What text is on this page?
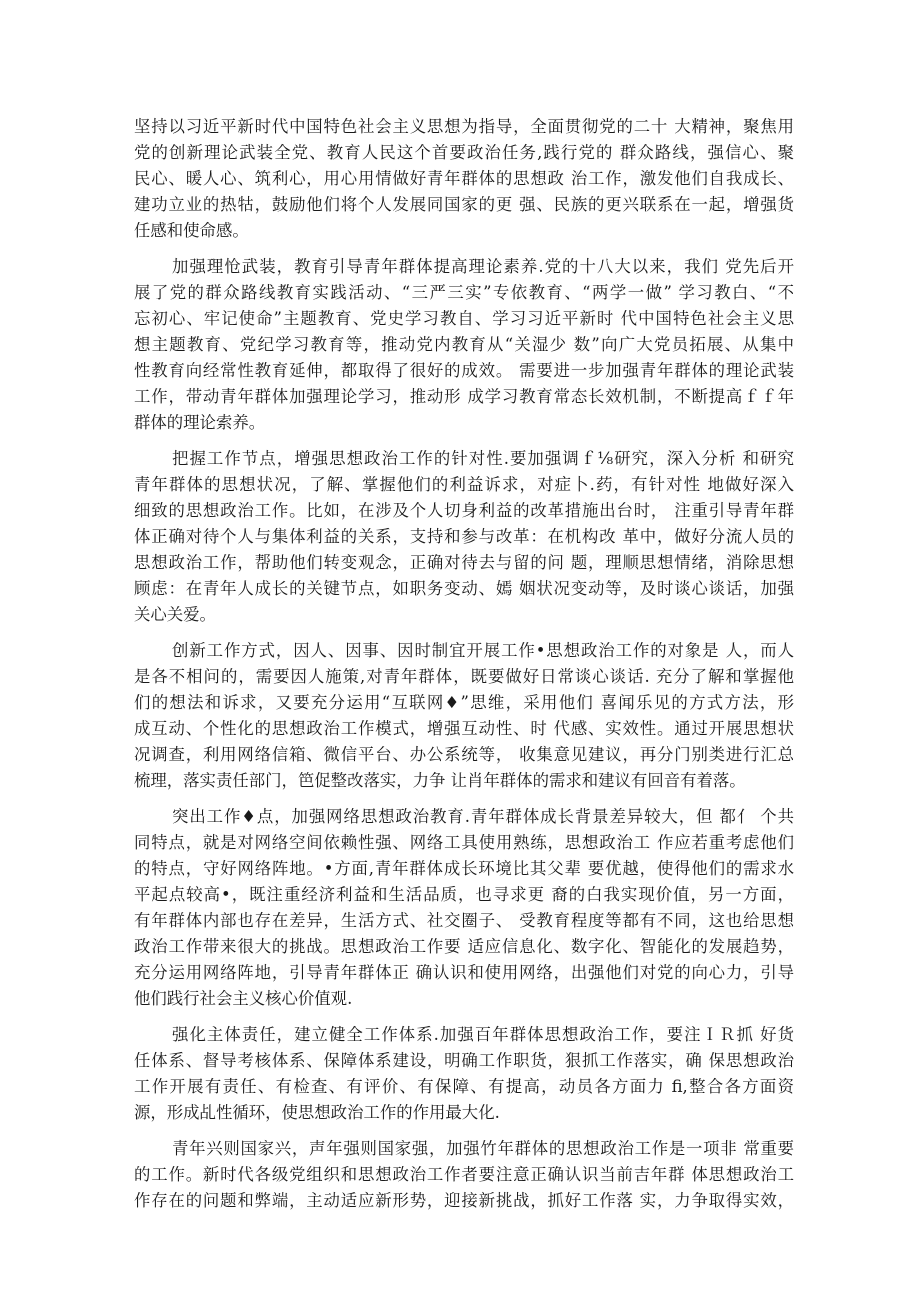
坚持以习近平新时代中国特色社会主义思想为指导，全面贯彻党的二十 大精神，聚焦用
党的创新理论武装全党、教育人民这个首要政治任务,践行党的 群众路线，强信心、聚
民心、暖人心、筑利心，用心用情做好青年群体的思想政 治工作，激发他们自我成长、
建功立业的热牯，鼓励他们将个人发展同国家的更 强、民族的更兴联系在一起，增强货
任感和使命感。
加强理怆武装，教育引导青年群体提高理论素养.党的十八大以来，我们 党先后开
展了党的群众路线教育实践活动、“三严三实”专依教育、“两学一做” 学习教白、“不
忘初心、牢记使命”主题教育、党史学习教自、学习习近平新时 代中国特色社会主义思
想主题教育、党纪学习教育等，推动党内教育从“关湿少 数”向广大党员拓展、从集中
性教育向经常性教育延伸，都取得了很好的成效。 需要进一步加强青年群体的理论武装
工作，带动青年群体加强理论学习，推动形 成学习教育常态长效机制，不断提高ｆｆ年
群体的理论索养。
把握工作节点，增强思想政治工作的针对性.要加强调ｆ⅛研究，深入分析 和研究
青年群体的思想状况，了解、掌握他们的利益诉求，对症卜.药，有针对性 地做好深入
细致的思想政治工作。比如，在涉及个人切身利益的改革措施出台时， 注重引导青年群
体正确对待个人与集体利益的关系，支持和参与改革：在机构改 革中，做好分流人员的
思想政治工作，帮助他们转变观念，正确对待去与留的问 题，理顺思想情绪，消除思想
顾虑：在青年人成长的关键节点，如职务变动、嫣 姻状况变动等，及时谈心谈话，加强
关心关爱。
创新工作方式，因人、因事、因时制宜开展工作•思想政治工作的对象是 人，而人
是各不相问的，需要因人施策,对青年群体，既要做好日常谈心谈话. 充分了解和掌握他
们的想法和诉求，又要充分运用“互联网♦”思维，采用他们 喜闻乐见的方式方法，形
成互动、个性化的思想政治工作模式，增强互动性、时 代感、实效性。通过开展思想状
况调查，利用网络信箱、微信平台、办公系统等， 收集意见建议，再分门别类进行汇总
梳理，落实责任部门，笆促整改落实，力争 让肖年群体的需求和建议有回音有着落。
突出工作♦点，加强网络思想政治教育.青年群体成长背景差异较大，但 都亻 个共
同特点，就是对网络空间依赖性强、网络工具使用熟练，思想政治工 作应若重考虑他们
的特点，守好网络阵地。•方面,青年群体成长环境比其父辈 要优越，使得他们的需求水
平起点较高•，既注重经济利益和生活品质，也寻求更 裔的白我实现价值，另一方面，
有年群体内部也存在差异，生活方式、社交圈子、 受教育程度等都有不同，这也给思想
政治工作带来很大的挑战。思想政治工作要 适应信息化、数字化、智能化的发展趋势，
充分运用网络阵地，引导青年群体正 确认识和使用网络，出强他们对党的向心力，引导
他们践行社会主义核心价值观.
强化主体责任，建立健全工作体系.加强百年群体思想政治工作，要注ＩＲ抓 好货
任体系、督导考核体系、保障体系建设，明确工作职货，狠抓工作落实，确 保思想政治
工作开展有责任、有检查、有评价、有保障、有提高，动员各方面力 fi,整合各方面资
源，形成乩性循环，使思想政治工作的作用最大化.
青年兴则国家兴，声年强则国家强，加强竹年群体的思想政治工作是一项非 常重要
的工作。新时代各级党组织和思想政治工作者要注意正确认识当前吉年群 体思想政治工
作存在的问题和弊端，主动适应新形势，迎接新挑战，抓好工作落 实，力争取得实效，
